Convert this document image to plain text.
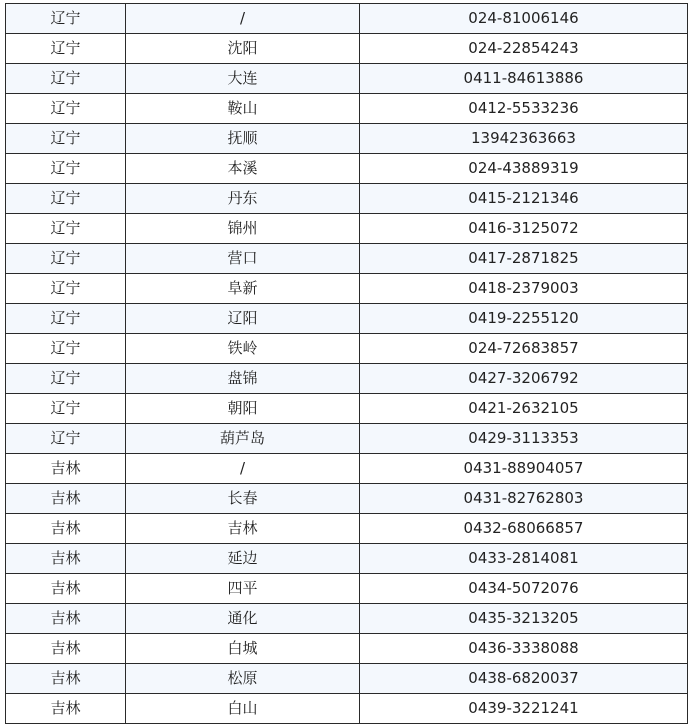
辽宁	/	024-81006146
辽宁	沈阳	024-22854243
辽宁	大连	0411-84613886
辽宁	鞍山	0412-5533236
辽宁	抚顺	13942363663
辽宁	本溪	024-43889319
辽宁	丹东	0415-2121346
辽宁	锦州	0416-3125072
辽宁	营口	0417-2871825
辽宁	阜新	0418-2379003
辽宁	辽阳	0419-2255120
辽宁	铁岭	024-72683857
辽宁	盘锦	0427-3206792
辽宁	朝阳	0421-2632105
辽宁	葫芦岛	0429-3113353
吉林	/	0431-88904057
吉林	长春	0431-82762803
吉林	吉林	0432-68066857
吉林	延边	0433-2814081
吉林	四平	0434-5072076
吉林	通化	0435-3213205
吉林	白城	0436-3338088
吉林	松原	0438-6820037
吉林	白山	0439-3221241
